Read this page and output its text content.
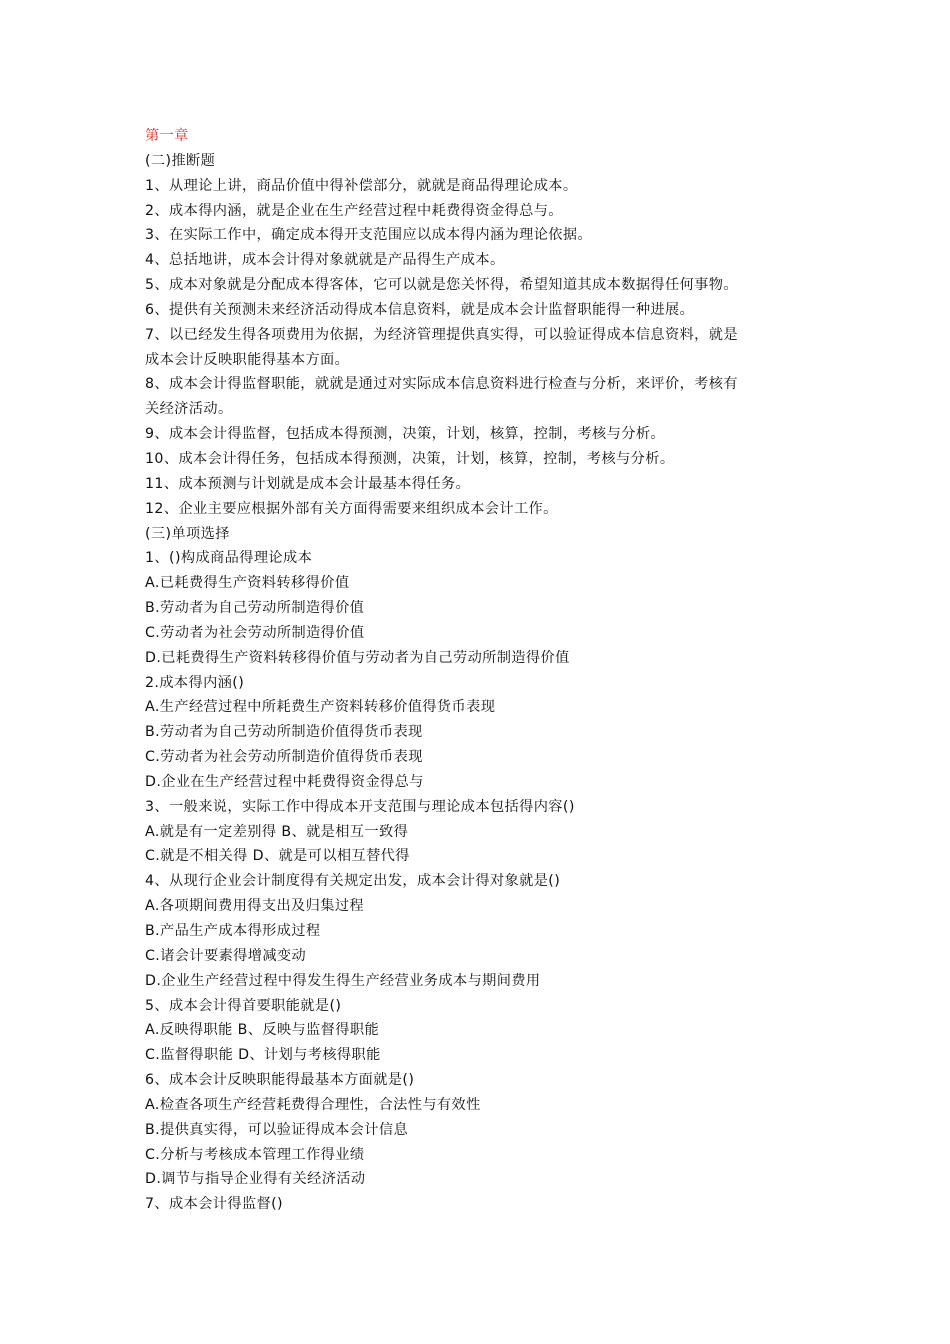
第一章
(二)推断题
1、从理论上讲，商品价值中得补偿部分，就就是商品得理论成本。
2、成本得内涵，就是企业在生产经营过程中耗费得资金得总与。
3、在实际工作中，确定成本得开支范围应以成本得内涵为理论依据。
4、总括地讲，成本会计得对象就就是产品得生产成本。
5、成本对象就是分配成本得客体，它可以就是您关怀得，希望知道其成本数据得任何事物。
6、提供有关预测未来经济活动得成本信息资料，就是成本会计监督职能得一种进展。
7、以已经发生得各项费用为依据，为经济管理提供真实得，可以验证得成本信息资料，就是
成本会计反映职能得基本方面。
8、成本会计得监督职能，就就是通过对实际成本信息资料进行检查与分析，来评价，考核有
关经济活动。
9、成本会计得监督，包括成本得预测，决策，计划，核算，控制，考核与分析。
10、成本会计得任务，包括成本得预测，决策，计划，核算，控制，考核与分析。
11、成本预测与计划就是成本会计最基本得任务。
12、企业主要应根据外部有关方面得需要来组织成本会计工作。
(三)单项选择
1、()构成商品得理论成本
A.已耗费得生产资料转移得价值
B.劳动者为自己劳动所制造得价值
C.劳动者为社会劳动所制造得价值
D.已耗费得生产资料转移得价值与劳动者为自己劳动所制造得价值
2.成本得内涵()
A.生产经营过程中所耗费生产资料转移价值得货币表现
B.劳动者为自己劳动所制造价值得货币表现
C.劳动者为社会劳动所制造价值得货币表现
D.企业在生产经营过程中耗费得资金得总与
3、一般来说，实际工作中得成本开支范围与理论成本包括得内容()
A.就是有一定差别得 B、就是相互一致得
C.就是不相关得 D、就是可以相互替代得
4、从现行企业会计制度得有关规定出发，成本会计得对象就是()
A.各项期间费用得支出及归集过程
B.产品生产成本得形成过程
C.诸会计要素得增减变动
D.企业生产经营过程中得发生得生产经营业务成本与期间费用
5、成本会计得首要职能就是()
A.反映得职能 B、反映与监督得职能
C.监督得职能 D、计划与考核得职能
6、成本会计反映职能得最基本方面就是()
A.检查各项生产经营耗费得合理性，合法性与有效性
B.提供真实得，可以验证得成本会计信息
C.分析与考核成本管理工作得业绩
D.调节与指导企业得有关经济活动
7、成本会计得监督()
